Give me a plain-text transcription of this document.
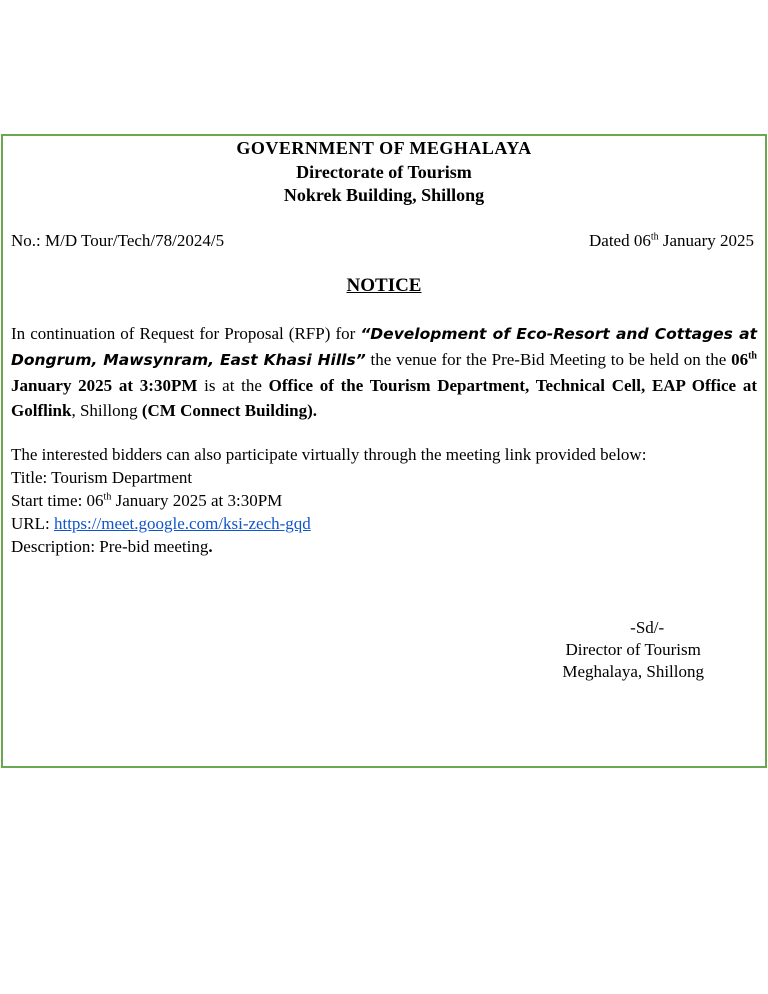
GOVERNMENT OF MEGHALAYA
Directorate of Tourism
Nokrek Building, Shillong
No.: M/D Tour/Tech/78/2024/5	Dated 06th January 2025
NOTICE
In continuation of Request for Proposal (RFP) for “Development of Eco-Resort and Cottages at Dongrum, Mawsynram, East Khasi Hills” the venue for the Pre-Bid Meeting to be held on the 06th January 2025 at 3:30PM is at the Office of the Tourism Department, Technical Cell, EAP Office at Golflink, Shillong (CM Connect Building).
The interested bidders can also participate virtually through the meeting link provided below:
Title: Tourism Department
Start time: 06th January 2025 at 3:30PM
URL: https://meet.google.com/ksi-zech-gqd
Description: Pre-bid meeting.
-Sd/-
Director of Tourism
Meghalaya, Shillong
